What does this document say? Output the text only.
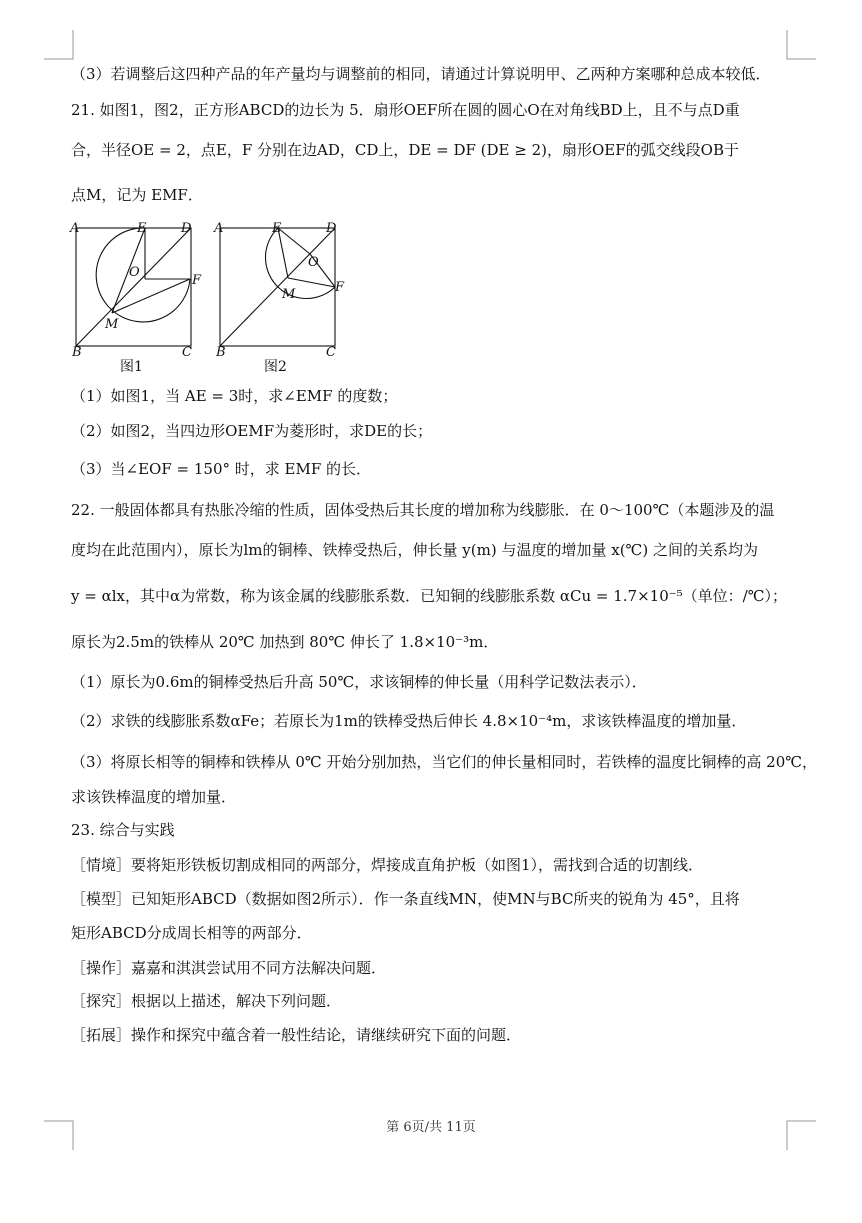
（3）若调整后这四种产品的年产量均与调整前的相同，请通过计算说明甲、乙两种方案哪种总成本较低．
21. 如图1，图2，正方形ABCD的边长为 5．扇形OEF所在圆的圆心O在对角线BD上，且不与点D重
合，半径OE = 2，点E，F 分别在边AD，CD上，DE = DF (DE ≥ 2)，扇形OEF的弧交线段OB于
点M，记为 EMF．
A	E	D
O
F
M
B	C
图1
A	E	D
O
F
M
B	C
图2
（1）如图1，当 AE = 3时，求∠EMF 的度数；
（2）如图2，当四边形OEMF为菱形时，求DE的长；
（3）当∠EOF = 150° 时，求 EMF 的长．
22. 一般固体都具有热胀冷缩的性质，固体受热后其长度的增加称为线膨胀．在 0～100℃（本题涉及的温
度均在此范围内），原长为lm的铜棒、铁棒受热后，伸长量 y(m) 与温度的增加量 x(℃) 之间的关系均为
y = αlx，其中α为常数，称为该金属的线膨胀系数．已知铜的线膨胀系数 αCu = 1.7×10⁻⁵（单位：/℃）；
原长为2.5m的铁棒从 20℃ 加热到 80℃ 伸长了 1.8×10⁻³m．
（1）原长为0.6m的铜棒受热后升高 50℃，求该铜棒的伸长量（用科学记数法表示）．
（2）求铁的线膨胀系数αFe；若原长为1m的铁棒受热后伸长 4.8×10⁻⁴m，求该铁棒温度的增加量．
（3）将原长相等的铜棒和铁棒从 0℃ 开始分别加热，当它们的伸长量相同时，若铁棒的温度比铜棒的高 20℃，
求该铁棒温度的增加量．
23. 综合与实践
［情境］要将矩形铁板切割成相同的两部分，焊接成直角护板（如图1），需找到合适的切割线．
［模型］已知矩形ABCD（数据如图2所示）．作一条直线MN，使MN与BC所夹的锐角为 45°，且将
矩形ABCD分成周长相等的两部分．
［操作］嘉嘉和淇淇尝试用不同方法解决问题．
［探究］根据以上描述，解决下列问题．
［拓展］操作和探究中蕴含着一般性结论，请继续研究下面的问题．
第 6页/共 11页
